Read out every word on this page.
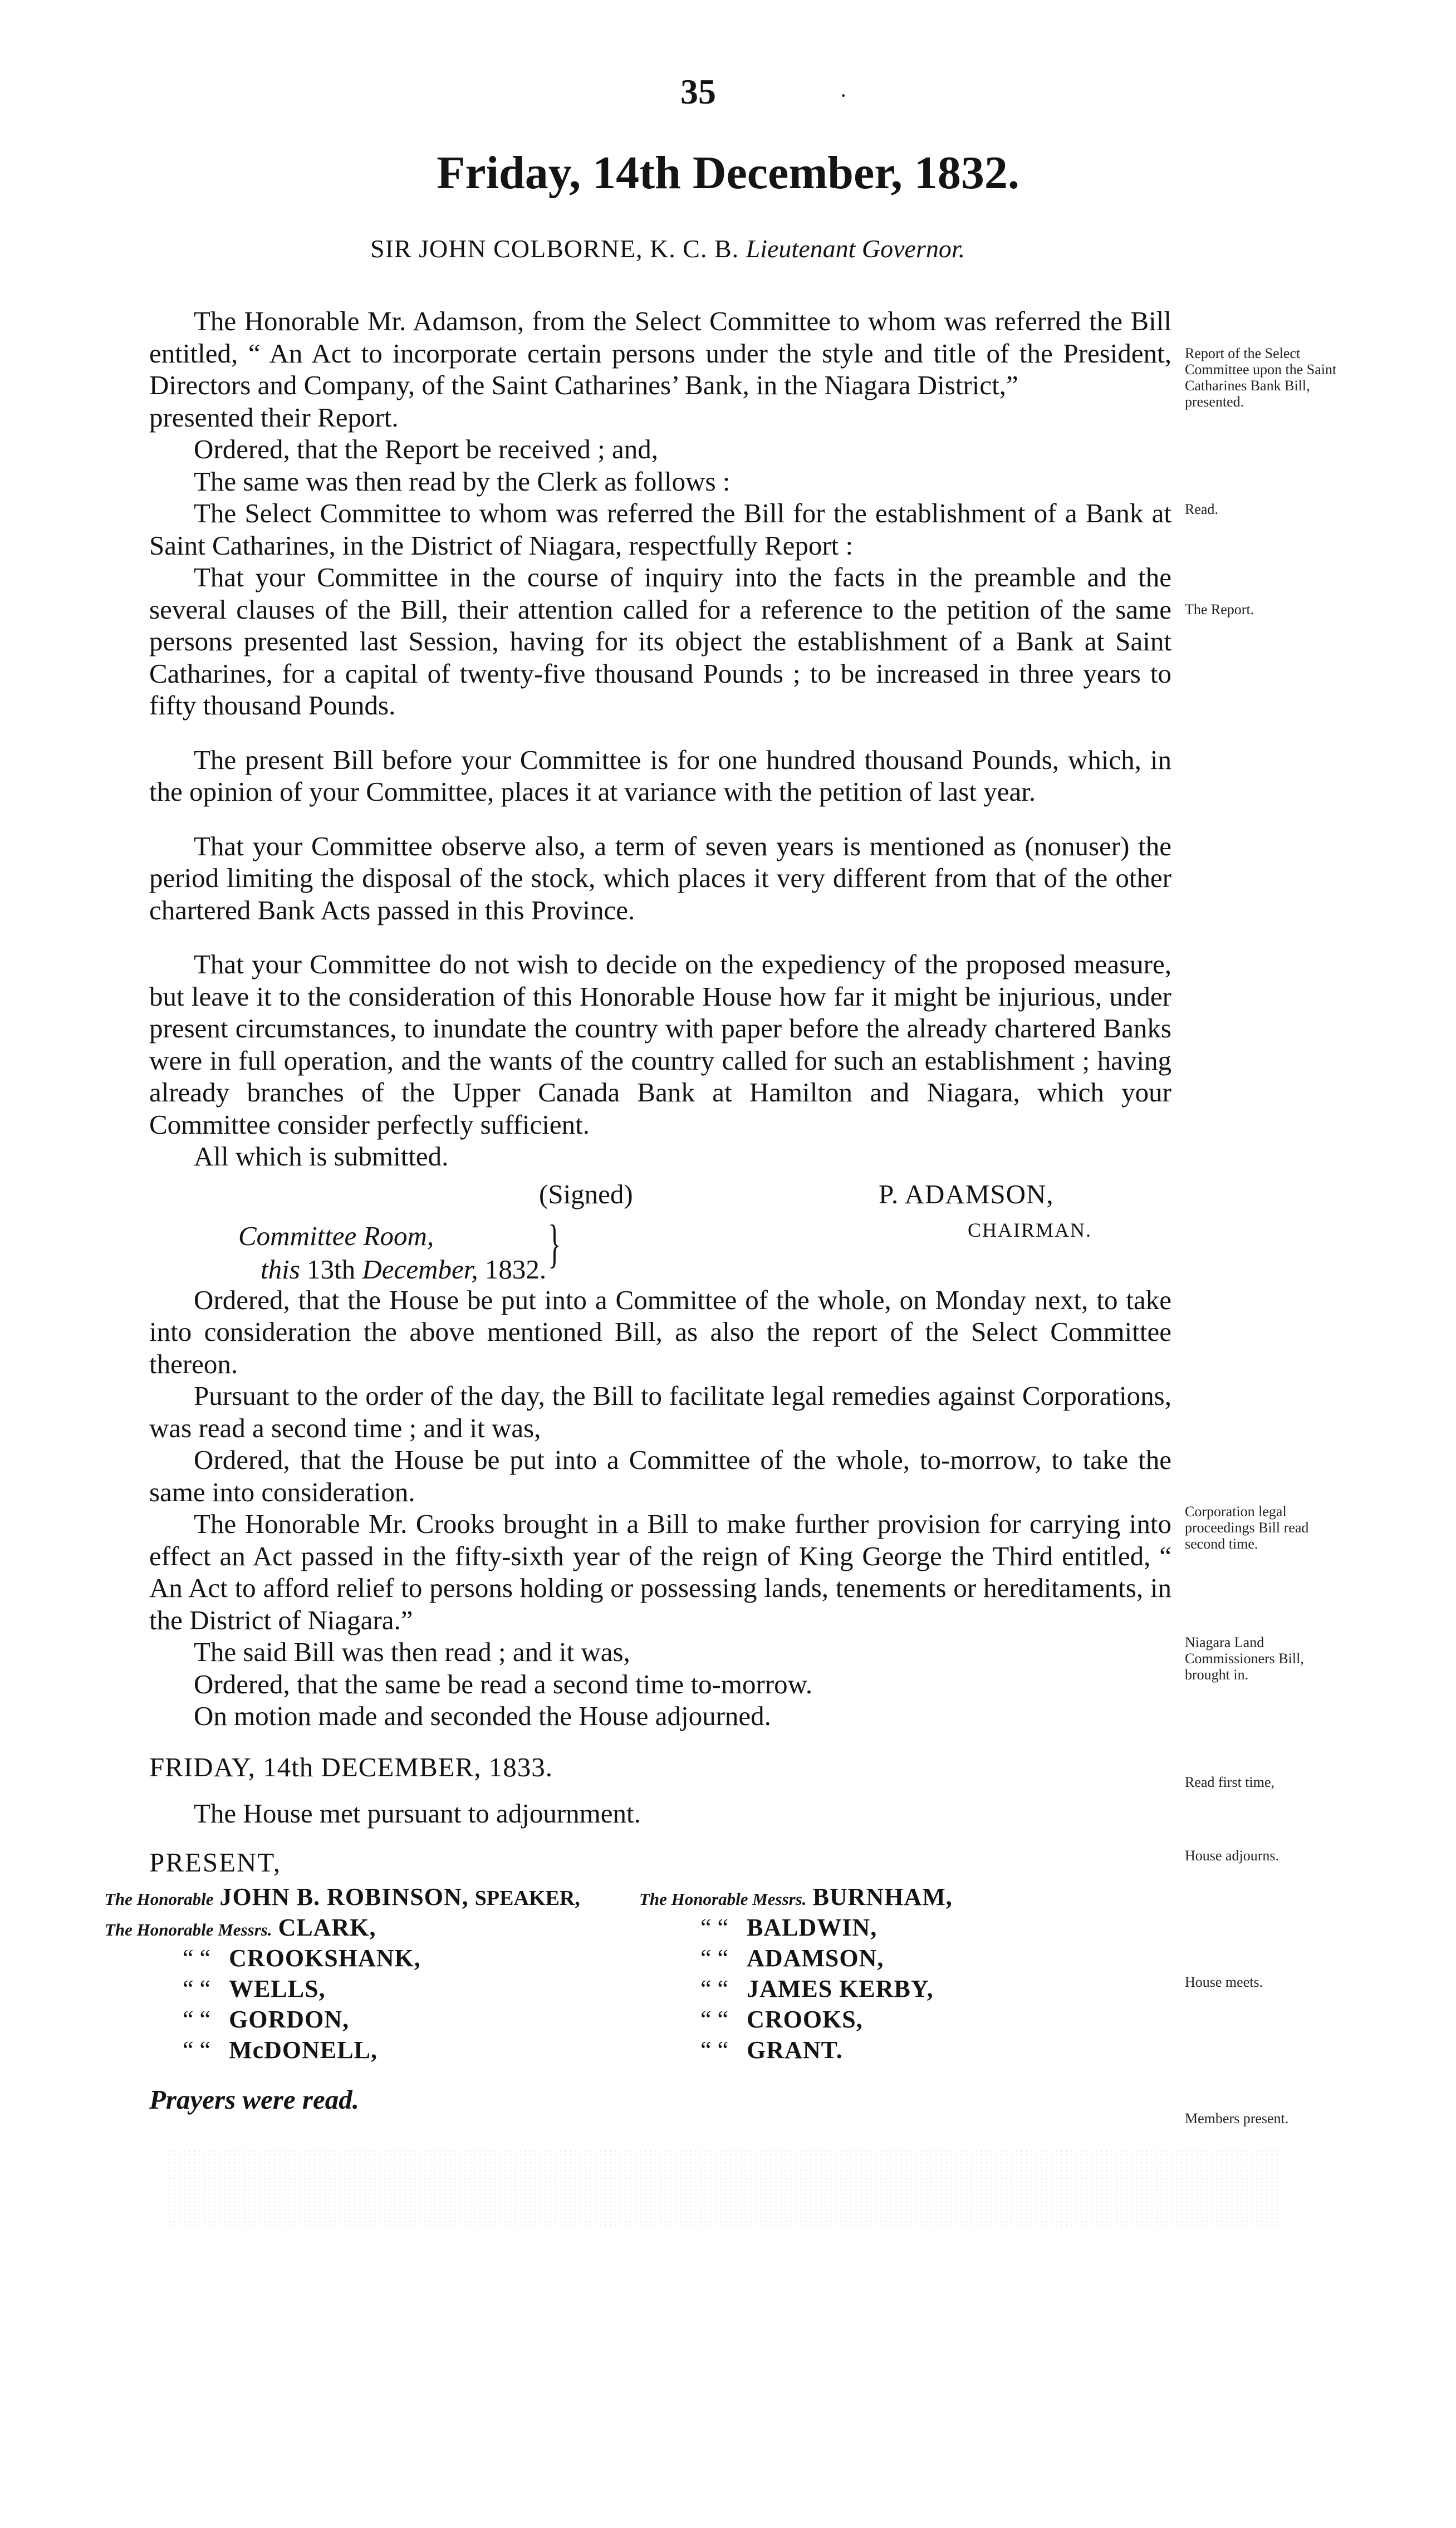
35	·
Friday, 14th December, 1832.
SIR JOHN COLBORNE, K. C. B. Lieutenant Governor.

The Honorable Mr. Adamson, from the Select Committee to whom was referred the Bill entitled, “ An Act to incorporate certain persons under the style and title of the President, Directors and Company, of the Saint Catharines’ Bank, in the Niagara District,”

presented their Report.

Ordered, that the Report be received ; and,

The same was then read by the Clerk as follows :

The Select Committee to whom was referred the Bill for the establishment of a Bank at Saint Catharines, in the District of Niagara, respectfully Report :

That your Committee in the course of inquiry into the facts in the preamble and the several clauses of the Bill, their attention called for a reference to the petition of the same persons presented last Session, having for its object the establishment of a Bank at Saint Catharines, for a capital of twenty-five thousand Pounds ; to be increased in three years to fifty thousand Pounds.

The present Bill before your Committee is for one hundred thousand Pounds, which, in the opinion of your Committee, places it at variance with the petition of last year.

That your Committee observe also, a term of seven years is mentioned as (nonuser) the period limiting the disposal of the stock, which places it very different from that of the other chartered Bank Acts passed in this Province.

That your Committee do not wish to decide on the expediency of the proposed measure, but leave it to the consideration of this Honorable House how far it might be injurious, under present circumstances, to inundate the country with paper before the already chartered Banks were in full operation, and the wants of the country called for such an establishment ; having already branches of the Upper Canada Bank at Hamilton and Niagara, which your Committee consider perfectly sufficient.

All which is submitted.

(Signed)	P. ADAMSON,
CHAIRMAN.
Committee Room,
this 13th December, 1832. }

Ordered, that the House be put into a Committee of the whole, on Monday next, to take into consideration the above mentioned Bill, as also the report of the Select Committee thereon.

Pursuant to the order of the day, the Bill to facilitate legal remedies against Corporations, was read a second time ; and it was,

Ordered, that the House be put into a Committee of the whole, to-morrow, to take the same into consideration.

The Honorable Mr. Crooks brought in a Bill to make further provision for carrying into effect an Act passed in the fifty-sixth year of the reign of King George the Third entitled, “ An Act to afford relief to persons holding or possessing lands, tenements or hereditaments, in the District of Niagara.”

The said Bill was then read ; and it was,

Ordered, that the same be read a second time to-morrow.

On motion made and seconded the House adjourned.

FRIDAY, 14th DECEMBER, 1833.

The House met pursuant to adjournment.

PRESENT,

The Honorable JOHN B. ROBINSON, SPEAKER,
The Honorable Messrs. CLARK,
“ “ CROOKSHANK,
“ “ WELLS,
“ “ GORDON,
“ “ McDONELL,
The Honorable Messrs. BURNHAM,
“ “ BALDWIN,
“ “ ADAMSON,
“ “ JAMES KERBY,
“ “ CROOKS,
“ “ GRANT.

Prayers were read.

Report of the Select Committee upon the Saint Catharines Bank Bill, presented.
Read.
The Report.
Corporation legal proceedings Bill read second time.
Niagara Land Commissioners Bill, brought in.
Read first time,
House adjourns.
House meets.
Members present.
